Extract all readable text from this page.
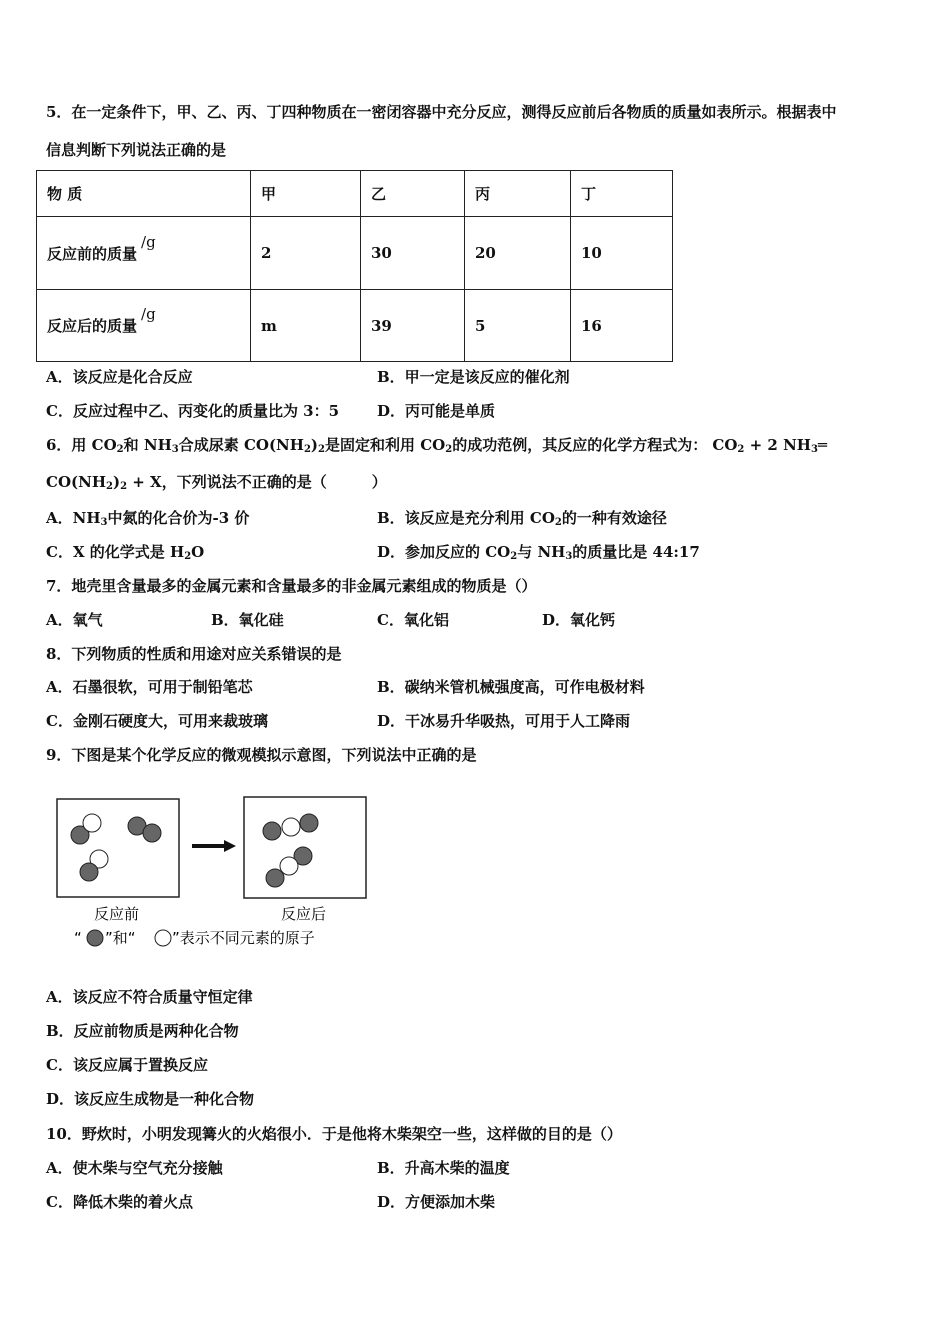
5．在一定条件下，甲、乙、丙、丁四种物质在一密闭容器中充分反应，测得反应前后各物质的质量如表所示。根据表中
信息判断下列说法正确的是
物 质	甲	乙	丙	丁
反应前的质量/g	2	30	20	10
反应后的质量/g	m	39	5	16
A．该反应是化合反应	B．甲一定是该反应的催化剂
C．反应过程中乙、丙变化的质量比为 3：5	D．丙可能是单质
6．用 $CO_2$和 $NH_3$合成尿素 $CO(NH_2)_2$是固定和利用 $CO_2$的成功范例，其反应的化学方程式为： $CO_2 + 2$ $NH_3═$
$CO(NH_2)_2 + X$，下列说法不正确的是（　　　）
A．$NH_3$中氮的化合价为-3 价	B．该反应是充分利用 $CO_2$的一种有效途径
C．X 的化学式是 $H_2O$	D．参加反应的 $CO_2$与 $NH_3$的质量比是 44:17
7．地壳里含量最多的金属元素和含量最多的非金属元素组成的物质是（）
A．氧气	B．氧化硅	C．氧化铝	D．氧化钙
8．下列物质的性质和用途对应关系错误的是
A．石墨很软，可用于制铅笔芯	B．碳纳米管机械强度高，可作电极材料
C．金刚石硬度大，可用来裁玻璃	D．干冰易升华吸热，可用于人工降雨
9．下图是某个化学反应的微观模拟示意图，下列说法中正确的是
反应前	反应后
“ ”和“ ”表示不同元素的原子
A．该反应不符合质量守恒定律
B．反应前物质是两种化合物
C．该反应属于置换反应
D．该反应生成物是一种化合物
10．野炊时，小明发现篝火的火焰很小．于是他将木柴架空一些，这样做的目的是（）
A．使木柴与空气充分接触	B．升高木柴的温度
C．降低木柴的着火点	D．方便添加木柴
